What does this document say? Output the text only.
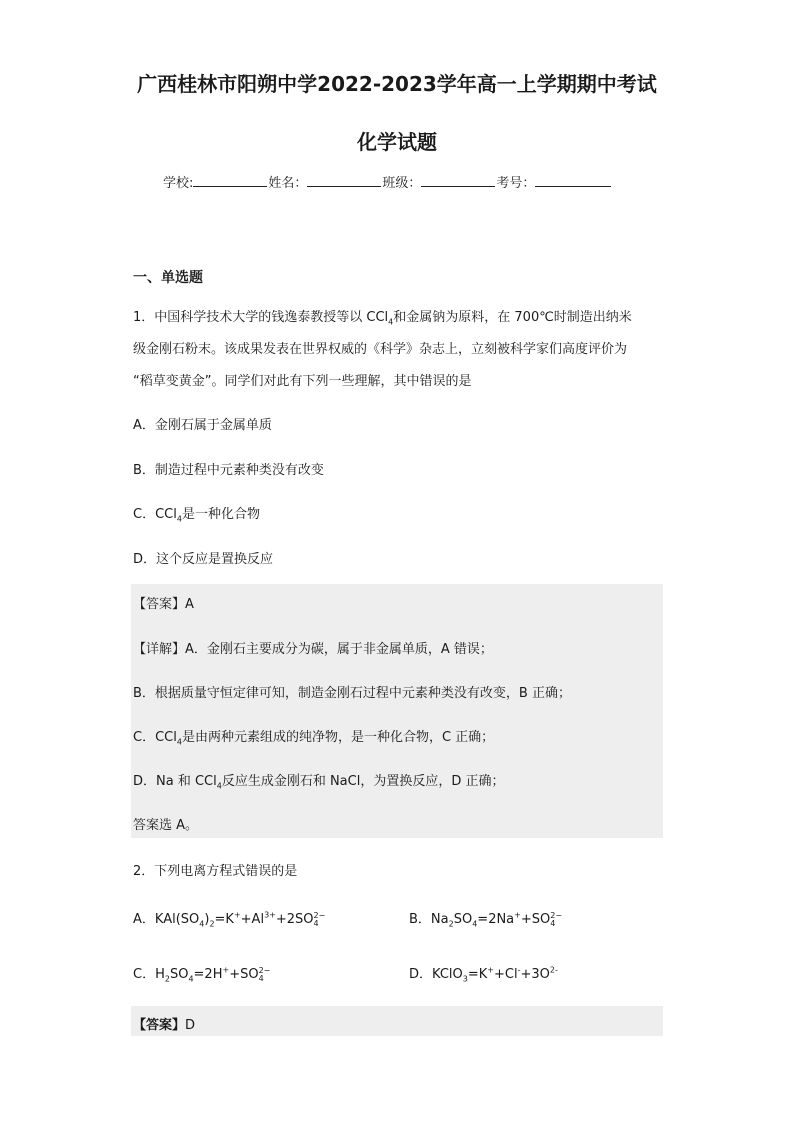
广西桂林市阳朔中学2022-2023学年高一上学期期中考试
化学试题
学校:	姓名：	班级：	考号：
一、单选题
1．中国科学技术大学的钱逸泰教授等以 CCl$_4$和金属钠为原料，在 700℃时制造出纳米
级金刚石粉末。该成果发表在世界权威的《科学》杂志上，立刻被科学家们高度评价为
“稻草变黄金”。同学们对此有下列一些理解，其中错误的是
A．金刚石属于金属单质
B．制造过程中元素种类没有改变
C．CCl$_4$是一种化合物
D．这个反应是置换反应
【答案】A
【详解】A．金刚石主要成分为碳，属于非金属单质，A 错误；
B．根据质量守恒定律可知，制造金刚石过程中元素种类没有改变，B 正确；
C．CCl$_4$是由两种元素组成的纯净物，是一种化合物，C 正确；
D．Na 和 CCl$_4$反应生成金刚石和 NaCl，为置换反应，D 正确；
答案选 A。
2．下列电离方程式错误的是
A．$KAl(SO_4)_2=K^++Al^{3+}+2SO$ 2−
4	B．$Na_2SO_4=2Na^++SO$ 2−
4
C．$H_2SO_4=2H^++SO$ 2−
4	D．$KClO_3=K^++Cl^-+3O^{2-}$
【答案】D
